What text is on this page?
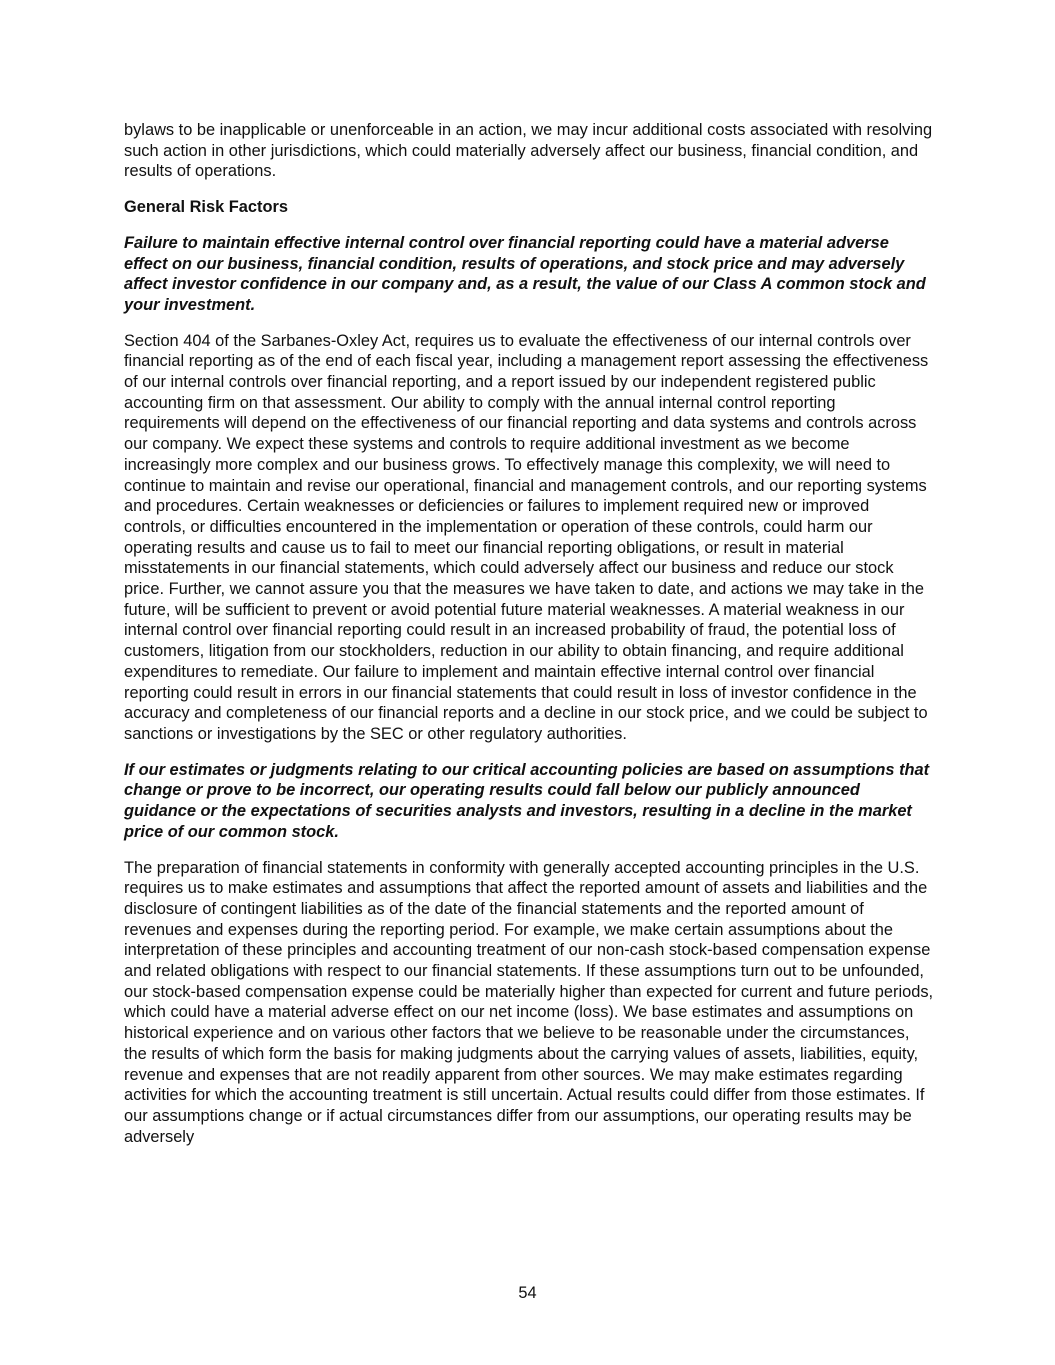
bylaws to be inapplicable or unenforceable in an action, we may incur additional costs associated with resolving such action in other jurisdictions, which could materially adversely affect our business, financial condition, and results of operations.

General Risk Factors

Failure to maintain effective internal control over financial reporting could have a material adverse effect on our business, financial condition, results of operations, and stock price and may adversely affect investor confidence in our company and, as a result, the value of our Class A common stock and your investment.

Section 404 of the Sarbanes-Oxley Act, requires us to evaluate the effectiveness of our internal controls over financial reporting as of the end of each fiscal year, including a management report assessing the effectiveness of our internal controls over financial reporting, and a report issued by our independent registered public accounting firm on that assessment. Our ability to comply with the annual internal control reporting requirements will depend on the effectiveness of our financial reporting and data systems and controls across our company. We expect these systems and controls to require additional investment as we become increasingly more complex and our business grows. To effectively manage this complexity, we will need to continue to maintain and revise our operational, financial and management controls, and our reporting systems and procedures. Certain weaknesses or deficiencies or failures to implement required new or improved controls, or difficulties encountered in the implementation or operation of these controls, could harm our operating results and cause us to fail to meet our financial reporting obligations, or result in material misstatements in our financial statements, which could adversely affect our business and reduce our stock price. Further, we cannot assure you that the measures we have taken to date, and actions we may take in the future, will be sufficient to prevent or avoid potential future material weaknesses. A material weakness in our internal control over financial reporting could result in an increased probability of fraud, the potential loss of customers, litigation from our stockholders, reduction in our ability to obtain financing, and require additional expenditures to remediate. Our failure to implement and maintain effective internal control over financial reporting could result in errors in our financial statements that could result in loss of investor confidence in the accuracy and completeness of our financial reports and a decline in our stock price, and we could be subject to sanctions or investigations by the SEC or other regulatory authorities.

If our estimates or judgments relating to our critical accounting policies are based on assumptions that change or prove to be incorrect, our operating results could fall below our publicly announced guidance or the expectations of securities analysts and investors, resulting in a decline in the market price of our common stock.

The preparation of financial statements in conformity with generally accepted accounting principles in the U.S. requires us to make estimates and assumptions that affect the reported amount of assets and liabilities and the disclosure of contingent liabilities as of the date of the financial statements and the reported amount of revenues and expenses during the reporting period. For example, we make certain assumptions about the interpretation of these principles and accounting treatment of our non-cash stock-based compensation expense and related obligations with respect to our financial statements. If these assumptions turn out to be unfounded, our stock-based compensation expense could be materially higher than expected for current and future periods, which could have a material adverse effect on our net income (loss). We base estimates and assumptions on historical experience and on various other factors that we believe to be reasonable under the circumstances, the results of which form the basis for making judgments about the carrying values of assets, liabilities, equity, revenue and expenses that are not readily apparent from other sources. We may make estimates regarding activities for which the accounting treatment is still uncertain. Actual results could differ from those estimates. If our assumptions change or if actual circumstances differ from our assumptions, our operating results may be adversely

54
